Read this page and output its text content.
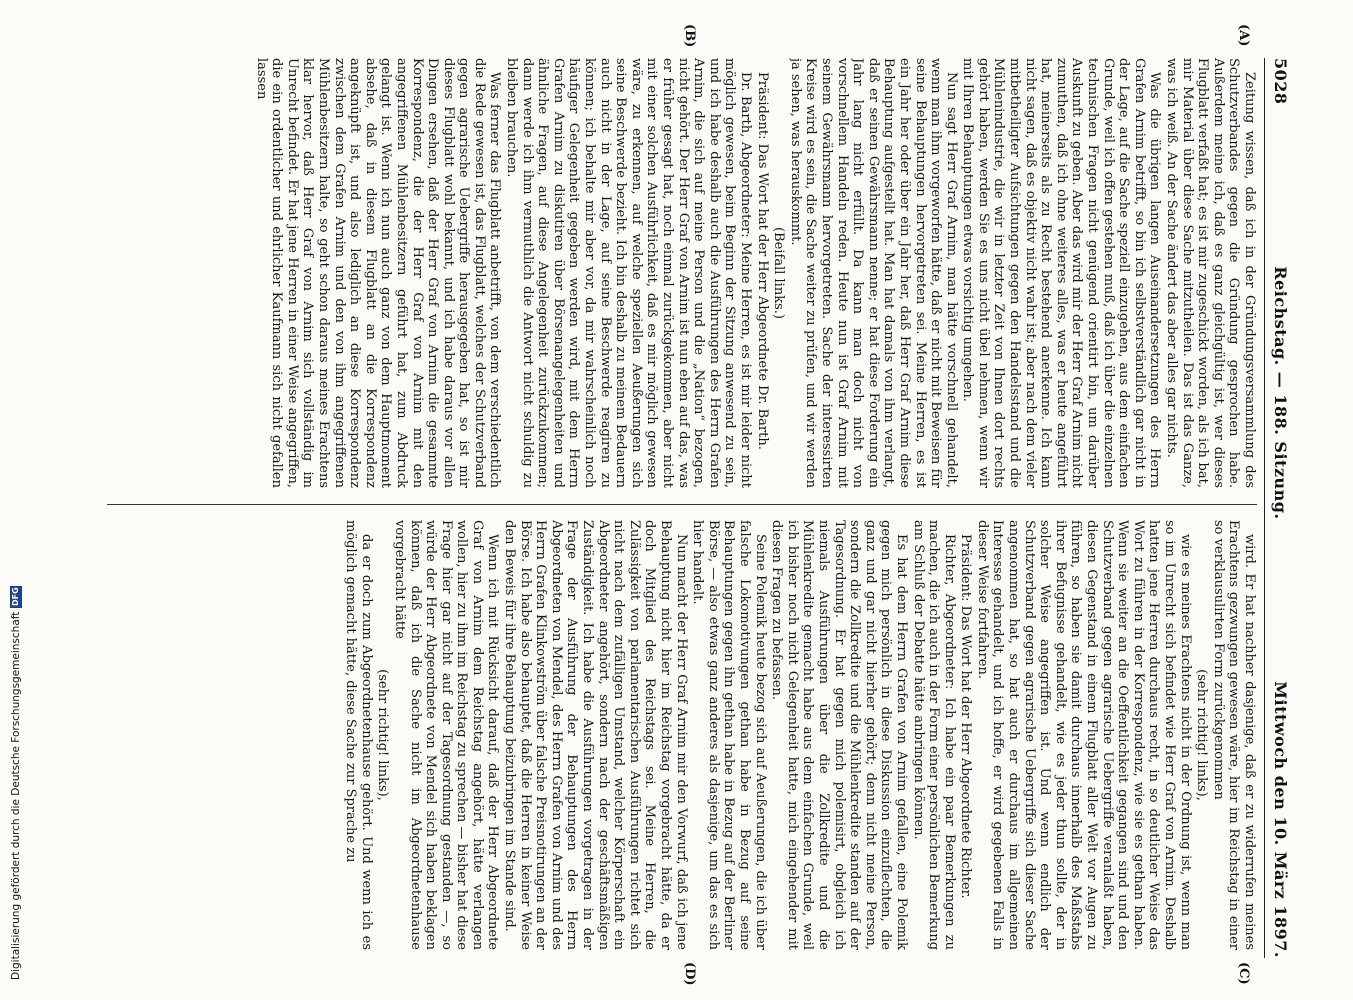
5028
Reichstag. — 188. Sitzung.
Mittwoch den 10. März 1897.

Zeitung wissen, daß ich in der Gründungsversammlung des Schutzverbandes gegen die Gründung gesprochen habe. Außerdem meine ich, daß es ganz gleichgültig ist, wer dieses Flugblatt verfaßt hat; es ist mir zugeschickt worden, als ich bat, mir Material über diese Sache mitzutheilen. Das ist das Ganze, was ich weiß. An der Sache ändert das aber alles gar nichts.

Was die übrigen langen Auseinandersetzungen des Herrn Grafen Arnim betrifft, so bin ich selbstverständlich gar nicht in der Lage, auf die Sache speziell einzugehen, aus dem einfachen Grunde, weil ich offen gestehen muß, daß ich über die einzelnen technischen Fragen nicht genügend orientirt bin, um darüber Auskunft zu geben. Aber das wird mir der Herr Graf Arnim nicht zumuthen, daß ich ohne weiteres alles, was er heute angeführt hat, meinerseits als zu Recht bestehend anerkenne. Ich kann nicht sagen, daß es objektiv nicht wahr ist; aber nach dem vieler mitbetheiligter Aufsichtungen gegen den Handelsstand und die Mühlenindustrie, die wir in letzter Zeit von Ihnen dort rechts gehört haben, werden Sie es uns nicht übel nehmen, wenn wir mit Ihren Behauptungen etwas vorsichtig umgehen.

Nun sagt Herr Graf Arnim, man hätte vorschnell gehandelt, wenn man ihm vorgeworfen hätte, daß er nicht mit Beweisen für seine Behauptungen hervorgetreten sei. Meine Herren, es ist ein Jahr her oder über ein Jahr her, daß Herr Graf Arnim diese Behauptung aufgestellt hat. Man hat damals von ihm verlangt, daß er seinen Gewährsmann nenne; er hat diese Forderung ein Jahr lang nicht erfüllt. Da kann man doch nicht von vorschnellem Handeln reden. Heute nun ist Graf Arnim mit seinem Gewährsmann hervorgetreten. Sache der interessirten Kreise wird es sein, die Sache weiter zu prüfen, und wir werden ja sehen, was herauskommt.

(Beifall links.)

Präsident: Das Wort hat der Herr Abgeordnete Dr. Barth.

Dr. Barth, Abgeordneter: Meine Herren, es ist mir leider nicht möglich gewesen, beim Beginn der Sitzung anwesend zu sein, und ich habe deshalb auch die Ausführungen des Herrn Grafen Arnim, die sich auf meine Person und die „Nation“ bezogen, nicht gehört. Der Herr Graf von Arnim ist nun eben auf das, was er früher gesagt hat, noch einmal zurückgekommen, aber nicht mit einer solchen Ausführlichkeit, daß es mir möglich gewesen wäre, zu erkennen, auf welche speziellen Aeußerungen sich seine Beschwerde bezieht. Ich bin deshalb zu meinem Bedauern auch nicht in der Lage, auf seine Beschwerde reagiren zu können; ich behalte mir aber vor, da mir wahrscheinlich noch häufiger Gelegenheit gegeben werden wird, mit dem Herrn Grafen Arnim zu diskutiren über Börsenangelegenheiten und ähnliche Fragen, auf diese Angelegenheit zurückzukommen; dann werde ich ihm vermuthlich die Antwort nicht schuldig zu bleiben brauchen.

Was ferner das Flugblatt anbetrifft, von dem verschiedentlich die Rede gewesen ist, das Flugblatt, welches der Schutzverband gegen agrarische Uebergriffe herausgegeben hat, so ist mir dieses Flugblatt wohl bekannt, und ich habe daraus vor allen Dingen ersehen, daß der Herr Graf von Arnim die gesammte Korrespondenz, die der Herr Graf von Arnim mit den angegriffenen Mühlenbesitzern geführt hat, zum Abdruck gelangt ist. Wenn ich nun auch ganz von dem Hauptmoment absehe, daß in diesem Flugblatt an die Korrespondenz angeknüpft ist, und also lediglich an diese Korrespondenz zwischen dem Grafen Arnim und den von ihm angegriffenen Mühlenbesitzern halte, so geht schon daraus meines Erachtens klar hervor, daß Herr Graf von Arnim sich vollständig im Unrecht befindet. Er hat jene Herren in einer Weise angegriffen, die ein ordentlicher und ehrlicher Kaufmann sich nicht gefallen lassen

wird. Er hat nachher dasjenige, daß er zu widerrufen meines Erachtens gezwungen gewesen wäre, hier im Reichstag in einer so verklausulirten Form zurückgenommen

(sehr richtig! links),

wie es meines Erachtens nicht in der Ordnung ist, wenn man so im Unrecht sich befindet wie Herr Graf von Arnim. Deshalb hatten jene Herren durchaus recht, in so deutlicher Weise das Wort zu führen in der Korrespondenz, wie sie es gethan haben. Wenn sie weiter an die Oeffentlichkeit gegangen sind und den Schutzverband gegen agrarische Uebergriffe veranlaßt haben, diesen Gegenstand in einem Flugblatt aller Welt vor Augen zu führen, so haben sie damit durchaus innerhalb des Maßstabs ihrer Befugnisse gehandelt, wie es jeder thun sollte, der in solcher Weise angegriffen ist. Und wenn endlich der Schutzverband gegen agrarische Uebergriffe sich dieser Sache angenommen hat, so hat auch er durchaus im allgemeinen Interesse gehandelt, und ich hoffe, er wird gegebenen Falls in dieser Weise fortfahren.

Präsident: Das Wort hat der Herr Abgeordnete Richter.

Richter, Abgeordneter: Ich habe ein paar Bemerkungen zu machen, die ich auch in der Form einer persönlichen Bemerkung am Schluß der Debatte hätte anbringen können.

Es hat dem Herrn Grafen von Arnim gefallen, eine Polemik gegen mich persönlich in diese Diskussion einzuflechten, die ganz und gar nicht hierher gehört; denn nicht meine Person, sondern die Zollkredite und die Mühlenkredite standen auf der Tagesordnung. Er hat gegen mich polemisirt, obgleich ich niemals Ausführungen über die Zollkredite und die Mühlenkredite gemacht habe aus dem einfachen Grunde, weil ich bisher noch nicht Gelegenheit hatte, mich eingehender mit diesen Fragen zu befassen.

Seine Polemik heute bezog sich auf Aeußerungen, die ich über falsche Lokomotivungen gethan habe in Bezug auf seine Behauptungen gegen ihn gethan habe in Bezug auf der Berliner Börse, — also etwas ganz anderes als dasjenige, um das es sich hier handelt.

Nun macht der Herr Graf Arnim mir den Vorwurf, daß ich jene Behauptung nicht hier im Reichstag vorgebracht hätte, da er doch Mitglied des Reichstags sei. Meine Herren, die Zulässigkeit von parlamentarischen Ausführungen richtet sich nicht nach dem zufälligen Umstand, welcher Körperschaft ein Abgeordneter angehört, sondern nach der geschäftsmäßigen Zuständigkeit. Ich habe die Ausführungen vorgetragen in der Frage der Ausführung der Behauptungen des Herrn Abgeordneten von Mendel, des Herrn Grafen von Arnim und des Herrn Grafen Klinkowström über falsche Preisnotirungen an der Börse. Ich habe also behauptet, daß die Herren in keiner Weise den Beweis für ihre Behauptung beizubringen im Stande sind.

Wenn ich mit Rücksicht darauf, daß der Herr Abgeordnete Graf von Arnim dem Reichstag angehört, hätte verlangen wollen, hier zu ihm im Reichstag zu sprechen — bisher hat diese Frage hier gar nicht auf der Tagesordnung gestanden —, so würde der Herr Abgeordnete von Mendel sich haben beklagen können, daß ich die Sache nicht im Abgeordnetenhause vorgebracht hätte

(sehr richtig! links),

da er doch zum Abgeordnetenhause gehört. Und wenn ich es möglich gemacht hätte, diese Sache zur Sprache zu

(A)
(B)
(C)
(D)
Digitalisierung gefördert durch die Deutsche Forschungsgemeinschaft
DFG
